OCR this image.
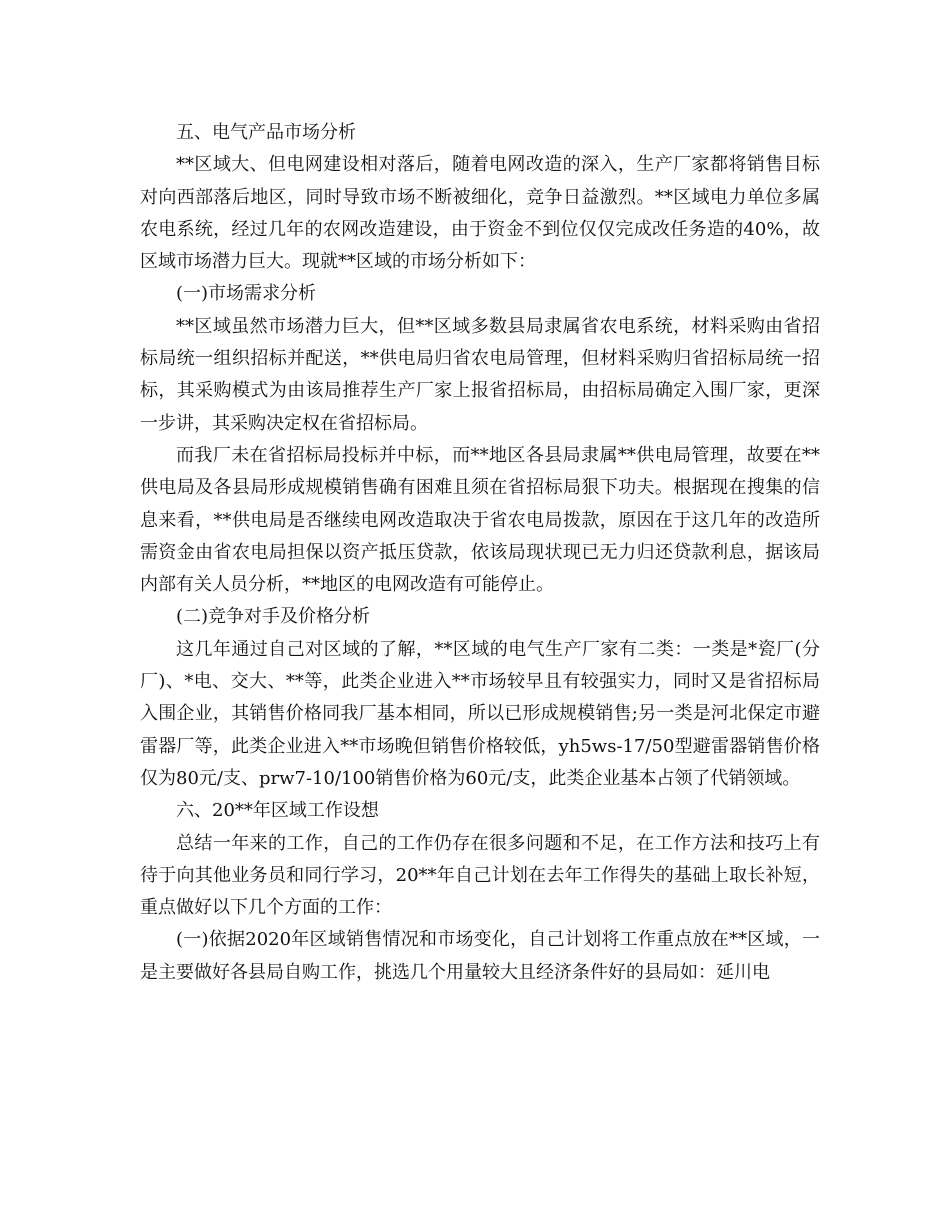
五、电气产品市场分析

**区域大、但电网建设相对落后，随着电网改造的深入，生产厂家都将销售目标对向西部落后地区，同时导致市场不断被细化，竞争日益激烈。**区域电力单位多属农电系统，经过几年的农网改造建设，由于资金不到位仅仅完成改任务造的40%，故区域市场潜力巨大。现就**区域的市场分析如下：

(一)市场需求分析

**区域虽然市场潜力巨大，但**区域多数县局隶属省农电系统，材料采购由省招标局统一组织招标并配送，**供电局归省农电局管理，但材料采购归省招标局统一招标，其采购模式为由该局推荐生产厂家上报省招标局，由招标局确定入围厂家，更深一步讲，其采购决定权在省招标局。

而我厂未在省招标局投标并中标，而**地区各县局隶属**供电局管理，故要在**供电局及各县局形成规模销售确有困难且须在省招标局狠下功夫。根据现在搜集的信息来看，**供电局是否继续电网改造取决于省农电局拨款，原因在于这几年的改造所需资金由省农电局担保以资产抵压贷款，依该局现状现已无力归还贷款利息，据该局内部有关人员分析，**地区的电网改造有可能停止。

(二)竞争对手及价格分析

这几年通过自己对区域的了解，**区域的电气生产厂家有二类：一类是*瓷厂(分厂)、*电、交大、**等，此类企业进入**市场较早且有较强实力，同时又是省招标局入围企业，其销售价格同我厂基本相同，所以已形成规模销售;另一类是河北保定市避雷器厂等，此类企业进入**市场晚但销售价格较低，yh5ws-17/50型避雷器销售价格仅为80元/支、prw7-10/100销售价格为60元/支，此类企业基本占领了代销领域。

六、20**年区域工作设想

总结一年来的工作，自己的工作仍存在很多问题和不足，在工作方法和技巧上有待于向其他业务员和同行学习，20**年自己计划在去年工作得失的基础上取长补短，重点做好以下几个方面的工作：

(一)依据2020年区域销售情况和市场变化，自己计划将工作重点放在**区域，一是主要做好各县局自购工作，挑选几个用量较大且经济条件好的县局如：延川电
